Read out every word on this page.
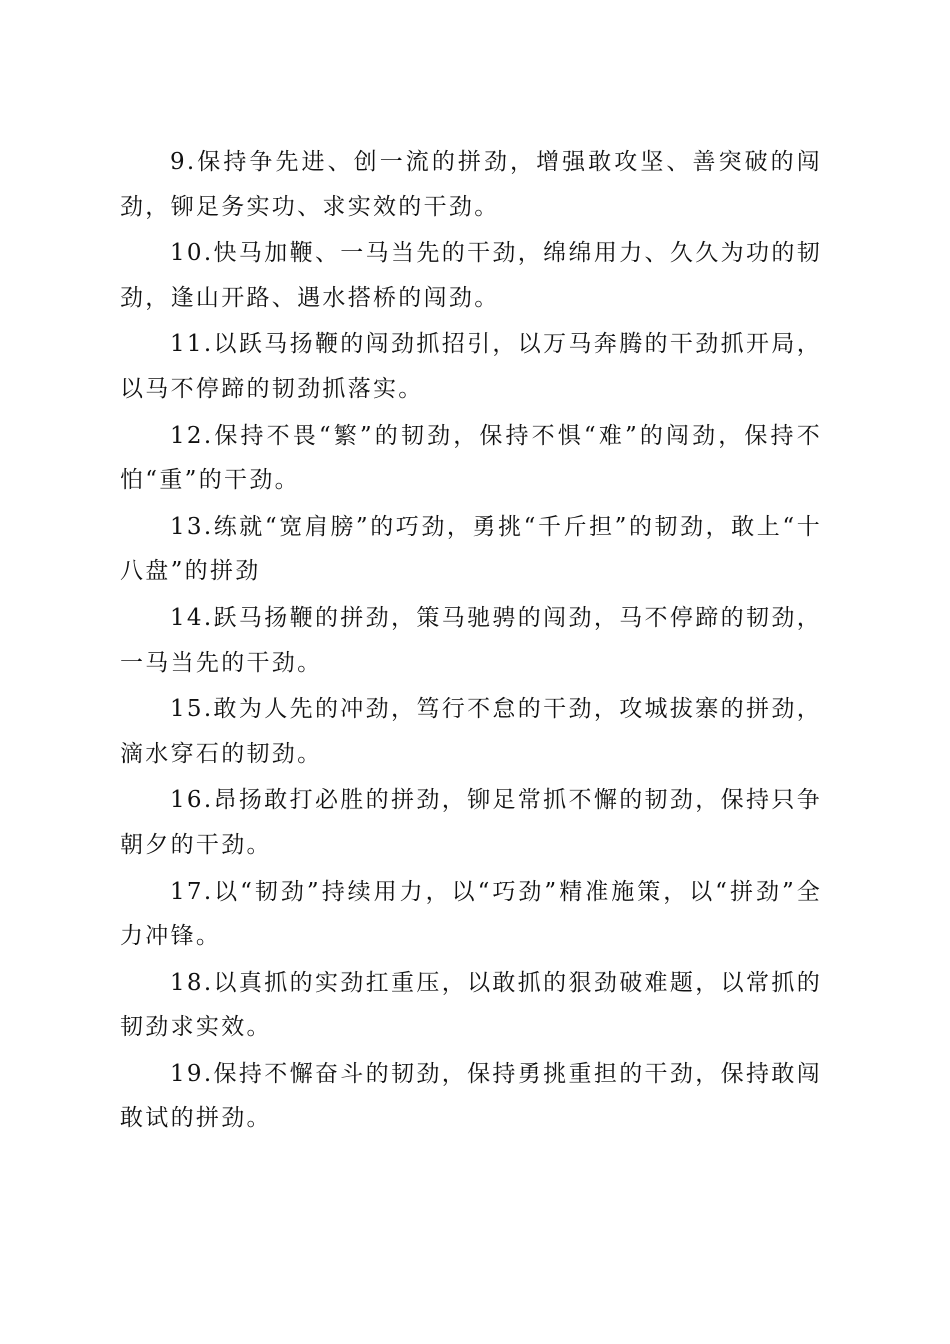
9.保持争先进、创一流的拼劲，增强敢攻坚、善突破的闯劲，铆足务实功、求实效的干劲。

10.快马加鞭、一马当先的干劲，绵绵用力、久久为功的韧劲，逢山开路、遇水搭桥的闯劲。

11.以跃马扬鞭的闯劲抓招引，以万马奔腾的干劲抓开局，以马不停蹄的韧劲抓落实。

12.保持不畏“繁”的韧劲，保持不惧“难”的闯劲，保持不怕“重”的干劲。

13.练就“宽肩膀”的巧劲，勇挑“千斤担”的韧劲，敢上“十八盘”的拼劲

14.跃马扬鞭的拼劲，策马驰骋的闯劲，马不停蹄的韧劲，一马当先的干劲。

15.敢为人先的冲劲，笃行不怠的干劲，攻城拔寨的拼劲，滴水穿石的韧劲。

16.昂扬敢打必胜的拼劲，铆足常抓不懈的韧劲，保持只争朝夕的干劲。

17.以“韧劲”持续用力，以“巧劲”精准施策，以“拼劲”全力冲锋。

18.以真抓的实劲扛重压，以敢抓的狠劲破难题，以常抓的韧劲求实效。

19.保持不懈奋斗的韧劲，保持勇挑重担的干劲，保持敢闯敢试的拼劲。
